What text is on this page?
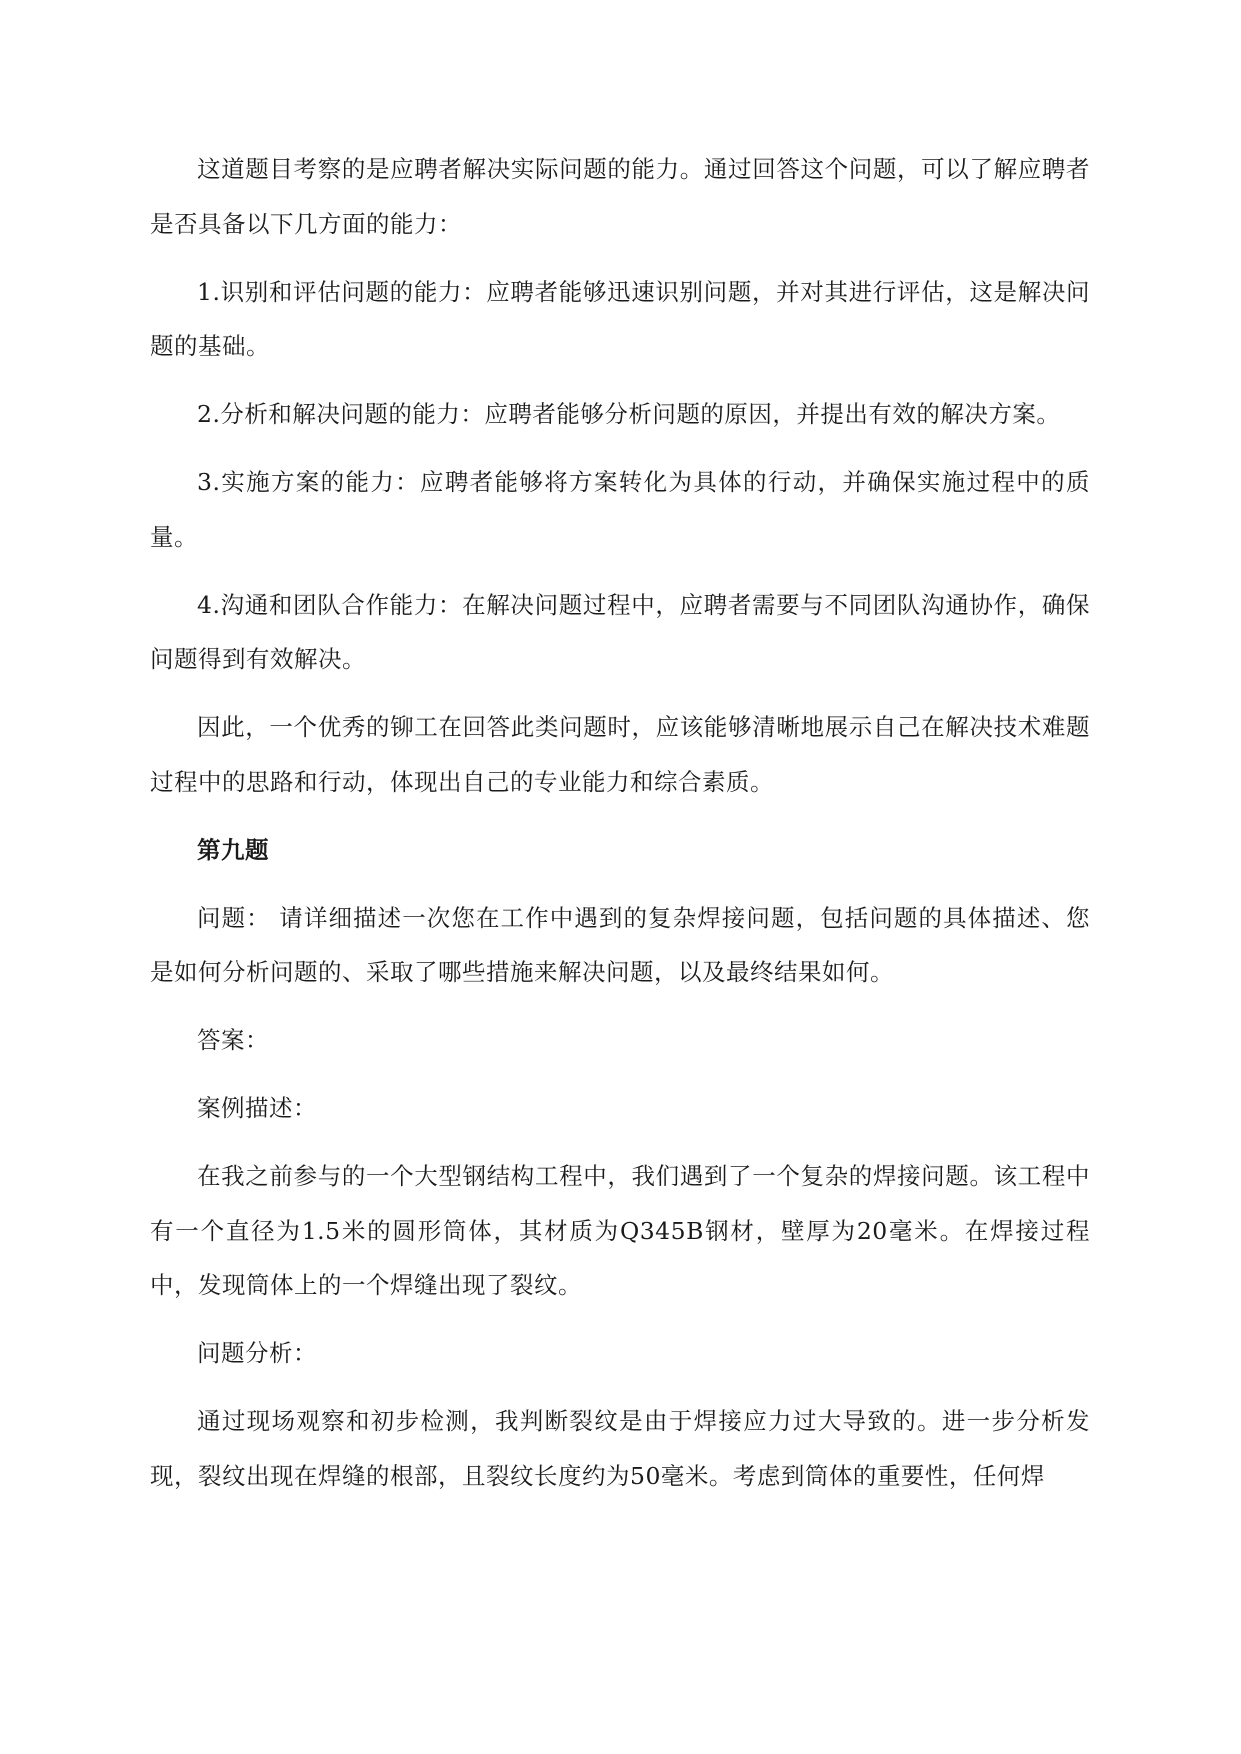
这道题目考察的是应聘者解决实际问题的能力。通过回答这个问题，可以了解应聘者是否具备以下几方面的能力：

1.识别和评估问题的能力：应聘者能够迅速识别问题，并对其进行评估，这是解决问题的基础。

2.分析和解决问题的能力：应聘者能够分析问题的原因，并提出有效的解决方案。

3.实施方案的能力：应聘者能够将方案转化为具体的行动，并确保实施过程中的质量。

4.沟通和团队合作能力：在解决问题过程中，应聘者需要与不同团队沟通协作，确保问题得到有效解决。

因此，一个优秀的铆工在回答此类问题时，应该能够清晰地展示自己在解决技术难题过程中的思路和行动，体现出自己的专业能力和综合素质。

第九题

问题： 请详细描述一次您在工作中遇到的复杂焊接问题，包括问题的具体描述、您是如何分析问题的、采取了哪些措施来解决问题，以及最终结果如何。

答案：

案例描述：

在我之前参与的一个大型钢结构工程中，我们遇到了一个复杂的焊接问题。该工程中有一个直径为1.5米的圆形筒体，其材质为Q345B钢材，壁厚为20毫米。在焊接过程中，发现筒体上的一个焊缝出现了裂纹。

问题分析：

通过现场观察和初步检测，我判断裂纹是由于焊接应力过大导致的。进一步分析发现，裂纹出现在焊缝的根部，且裂纹长度约为50毫米。考虑到筒体的重要性，任何焊
